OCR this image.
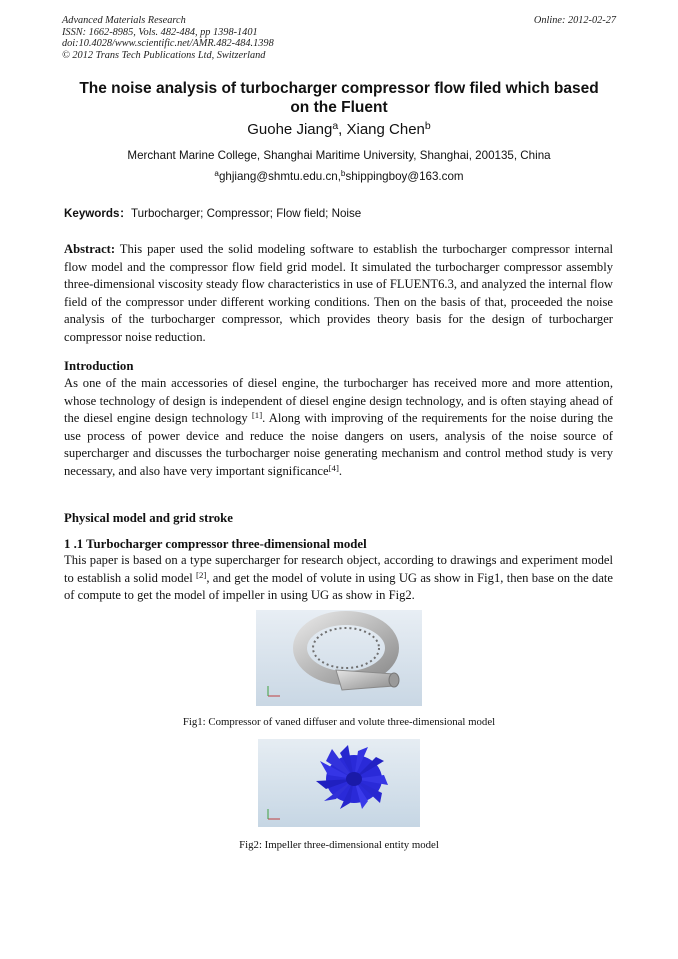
Advanced Materials Research
ISSN: 1662-8985, Vols. 482-484, pp 1398-1401
doi:10.4028/www.scientific.net/AMR.482-484.1398
© 2012 Trans Tech Publications Ltd, Switzerland
Online: 2012-02-27
The noise analysis of turbocharger compressor flow filed which based
on the Fluent
Guohe Jiang$^a$, Xiang Chen$^b$
Merchant Marine College, Shanghai Maritime University, Shanghai, 200135, China
$^a$ghjiang@shmtu.edu.cn,$^b$shippingboy@163.com
Keywords：Turbocharger; Compressor; Flow field; Noise
Abstract: This paper used the solid modeling software to establish the turbocharger compressor internal flow model and the compressor flow field grid model. It simulated the turbocharger compressor assembly three-dimensional viscosity steady flow characteristics in use of FLUENT6.3, and analyzed the internal flow field of the compressor under different working conditions. Then on the basis of that, proceeded the noise analysis of the turbocharger compressor, which provides theory basis for the design of turbocharger compressor noise reduction.
Introduction
As one of the main accessories of diesel engine, the turbocharger has received more and more attention, whose technology of design is independent of diesel engine design technology, and is often staying ahead of the diesel engine design technology [1]. Along with improving of the requirements for the noise during the use process of power device and reduce the noise dangers on users, analysis of the noise source of supercharger and discusses the turbocharger noise generating mechanism and control method study is very necessary, and also have very important significance[4].
Physical model and grid stroke
1 .1 Turbocharger compressor three-dimensional model
This paper is based on a type supercharger for research object, according to drawings and experiment model to establish a solid model [2], and get the model of volute in using UG as show in Fig1, then base on the date of compute to get the model of impeller in using UG as show in Fig2.
Fig1: Compressor of vaned diffuser and volute three-dimensional model
Fig2: Impeller three-dimensional entity model
